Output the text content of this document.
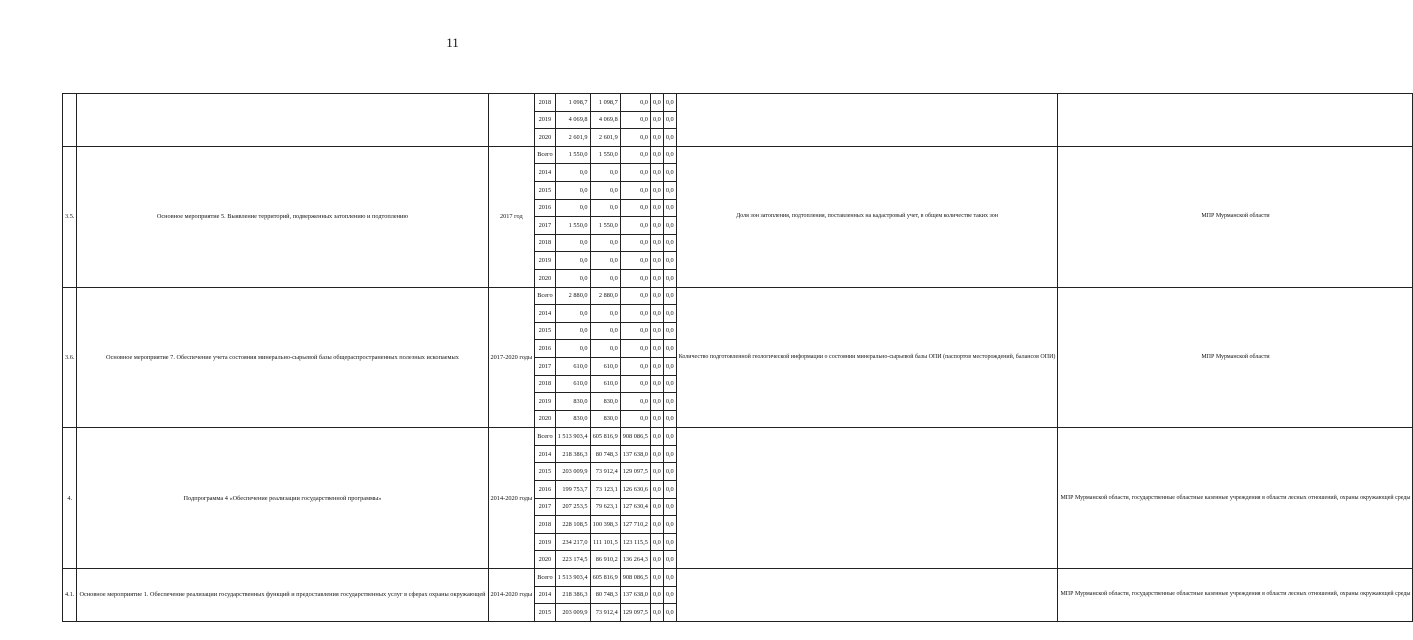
11
			2018	1 098,7	1 098,7	0,0	0,0	0,0		
			2019	4 069,8	4 069,8	0,0	0,0	0,0		
			2020	2 601,9	2 601,9	0,0	0,0	0,0		
3.5.	Основное мероприятие 5. Выявление территорий, подверженных затоплению и подтоплению	2017 год	Всего	1 550,0	1 550,0	0,0	0,0	0,0	Доля зон затопления, подтопления, поставленных на кадастровый учет, в общем количестве таких зон	МПР Мурманской области
			2014	0,0	0,0	0,0	0,0	0,0		
			2015	0,0	0,0	0,0	0,0	0,0		
			2016	0,0	0,0	0,0	0,0	0,0		
			2017	1 550,0	1 550,0	0,0	0,0	0,0		
			2018	0,0	0,0	0,0	0,0	0,0		
			2019	0,0	0,0	0,0	0,0	0,0		
			2020	0,0	0,0	0,0	0,0	0,0		
3.6.	Основное мероприятие 7. Обеспечение учета состояния минерально-сырьевой базы общераспространенных полезных ископаемых	2017-2020 годы	Всего	2 880,0	2 880,0	0,0	0,0	0,0	Количество подготовленной геологической информации о состоянии минерально-сырьевой базы ОПИ (паспортов месторождений, балансов ОПИ)	МПР Мурманской области
			2014	0,0	0,0	0,0	0,0	0,0		
			2015	0,0	0,0	0,0	0,0	0,0		
			2016	0,0	0,0	0,0	0,0	0,0		
			2017	610,0	610,0	0,0	0,0	0,0		
			2018	610,0	610,0	0,0	0,0	0,0		
			2019	830,0	830,0	0,0	0,0	0,0		
			2020	830,0	830,0	0,0	0,0	0,0		
4.	Подпрограмма 4 «Обеспечение реализации государственной программы»	2014-2020 годы	Всего	1 513 903,4	605 816,9	908 086,5	0,0	0,0		МПР Мурманской области, государственные областные казенные учреждения в области лесных отношений, охраны окружающей среды
			2014	218 386,3	80 748,3	137 638,0	0,0	0,0		
			2015	203 009,9	73 912,4	129 097,5	0,0	0,0		
			2016	199 753,7	73 123,1	126 630,6	0,0	0,0		
			2017	207 253,5	79 623,1	127 630,4	0,0	0,0		
			2018	228 108,5	100 398,3	127 710,2	0,0	0,0		
			2019	234 217,0	111 101,5	123 115,5	0,0	0,0		
			2020	223 174,5	86 910,2	136 264,3	0,0	0,0		
4.1.	Основное мероприятие 1. Обеспечение реализации государственных функций и предоставления государственных услуг в сферах охраны окружающей	2014-2020 годы	Всего	1 513 903,4	605 816,9	908 086,5	0,0	0,0		МПР Мурманской области, государственные областные казенные учреждения в области лесных отношений, охраны окружающей среды
			2014	218 386,3	80 748,3	137 638,0	0,0	0,0		
			2015	203 009,9	73 912,4	129 097,5	0,0	0,0		
